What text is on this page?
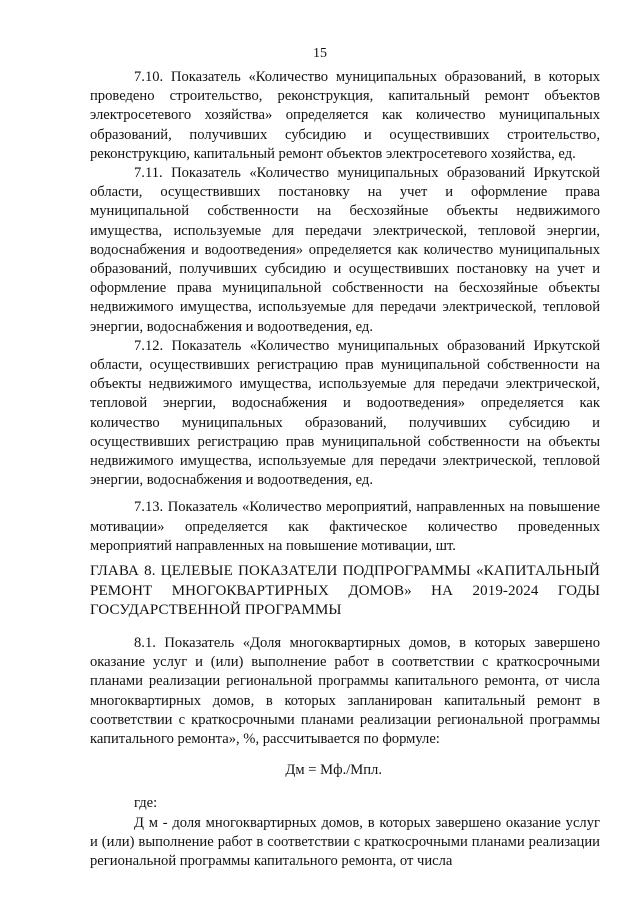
15

7.10. Показатель «Количество муниципальных образований, в которых проведено строительство, реконструкция, капитальный ремонт объектов электросетевого хозяйства» определяется как количество муниципальных образований, получивших субсидию и осуществивших строительство, реконструкцию, капитальный ремонт объектов электросетевого хозяйства, ед.

7.11. Показатель «Количество муниципальных образований Иркутской области, осуществивших постановку на учет и оформление права муниципальной собственности на бесхозяйные объекты недвижимого имущества, используемые для передачи электрической, тепловой энергии, водоснабжения и водоотведения» определяется как количество муниципальных образований, получивших субсидию и осуществивших постановку на учет и оформление права муниципальной собственности на бесхозяйные объекты недвижимого имущества, используемые для передачи электрической, тепловой энергии, водоснабжения и водоотведения, ед.

7.12. Показатель «Количество муниципальных образований Иркутской области, осуществивших регистрацию прав муниципальной собственности на объекты недвижимого имущества, используемые для передачи электрической, тепловой энергии, водоснабжения и водоотведения» определяется как количество муниципальных образований, получивших субсидию и осуществивших регистрацию прав муниципальной собственности на объекты недвижимого имущества, используемые для передачи электрической, тепловой энергии, водоснабжения и водоотведения, ед.

7.13. Показатель «Количество мероприятий, направленных на повышение мотивации» определяется как фактическое количество проведенных мероприятий направленных на повышение мотивации, шт.

ГЛАВА 8. ЦЕЛЕВЫЕ ПОКАЗАТЕЛИ ПОДПРОГРАММЫ «КАПИТАЛЬНЫЙ РЕМОНТ МНОГОКВАРТИРНЫХ ДОМОВ» НА 2019-2024 ГОДЫ ГОСУДАРСТВЕННОЙ ПРОГРАММЫ

8.1. Показатель «Доля многоквартирных домов, в которых завершено оказание услуг и (или) выполнение работ в соответствии с краткосрочными планами реализации региональной программы капитального ремонта, от числа многоквартирных домов, в которых запланирован капитальный ремонт в соответствии с краткосрочными планами реализации региональной программы капитального ремонта», %, рассчитывается по формуле:

Дм = Мф./Мпл.

где:

Д м - доля многоквартирных домов, в которых завершено оказание услуг и (или) выполнение работ в соответствии с краткосрочными планами реализации региональной программы капитального ремонта, от числа
